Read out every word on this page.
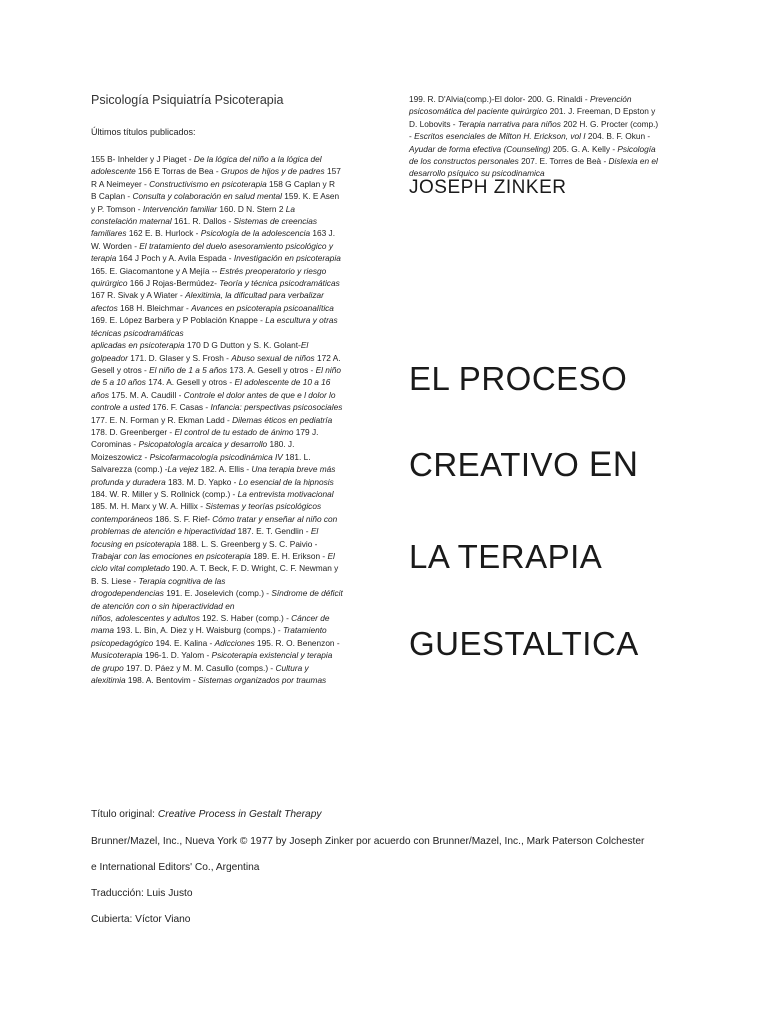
Psicología Psiquiatría Psicoterapia
Últimos títulos publicados:
155 B- Inhelder y J Piaget - De la lógica del niño a la lógica del
adolescente 156 E Torras de Bea - Grupos de hijos y de padres 157
R A Neimeyer - Constructivismo en psicoterapia 158 G Caplan y R
B Caplan - Consulta y colaboración en salud mental 159. K. E Asen
y P. Tomson - Intervención familiar 160. D N. Stern 2 La
constelación maternal 161. R. Dallos - Sistemas de creencias
familiares 162 E. B. Hurlock - Psicología de la adolescencia 163 J.
W. Worden - El tratamiento del duelo asesoramiento psicológico y
terapia 164 J Poch y A. Avila Espada - Investigación en psicoterapia
165. E. Giacomantone y A Mejía -- Estrés preoperatorio y riesgo
quirúrgico 166 J Rojas-Bermúdez- Teoría y técnica psicodramáticas
167 R. Sivak y A Wiater - Alexitimia, la dificultad para verbalizar
afectos 168 H. Bleichmar - Avances en psicoterapia psicoanalítica
169. E. López Barbera y P Población Knappe - La escultura y otras
técnicas psicodramáticas
aplicadas en psicoterapia 170 D G Dutton y S. K. Golant-El
golpeador 171. D. Glaser y S. Frosh - Abuso sexual de niños 172 A.
Gesell y otros - El niño de 1 a 5 años 173. A. Gesell y otros - El niño
de 5 a 10 años 174. A. Gesell y otros - El adolescente de 10 a 16
años 175. M. A. Caudill - Controle el dolor antes de que e l dolor lo
controle a usted 176. F. Casas - Infancia: perspectivas psicosociales
177. E. N. Forman y R. Ekman Ladd - Dilemas éticos en pediatría
178. D. Greenberger - El control de tu estado de ánimo 179 J.
Corominas - Psicopatología arcaica y desarrollo 180. J.
Moizeszowicz - Psicofarmacología psicodinámica IV 181. L.
Salvarezza (comp.) -La vejez 182. A. Ellis - Una terapia breve más
profunda y duradera 183. M. D. Yapko - Lo esencial de la hipnosis
184. W. R. Miller y S. Rollnick (comp.) - La entrevista motivacional
185. M. H. Marx y W. A. Hillix - Sistemas y teorías psicológicos
contemporáneos 186. S. F. Rief- Cómo tratar y enseñar al niño con
problemas de atención e hiperactividad 187. E. T. Gendlin - El
focusing en psicoterapia 188. L. S. Greenberg y S. C. Paivio -
Trabajar con las emociones en psicoterapia 189. E. H. Erikson - El
ciclo vital completado 190. A. T. Beck, F. D. Wright, C. F. Newman y
B. S. Liese - Terapia cognitiva de las
drogodependencias 191. E. Joselevich (comp.) - Síndrome de déficit
de atención con o sin hiperactividad en
niños, adolescentes y adultos 192. S. Haber (comp.) - Cáncer de
mama 193. L. Bin, A. Diez y H. Waisburg (comps.) - Tratamiento
psicopedagógico 194. E. Kalina - Adicciones 195. R. O. Benenzon -
Musicoterapia 196-1. D. Yalom - Psicoterapia existencial y terapia
de grupo 197. D. Páez y M. M. Casullo (comps.) - Cultura y
alexitimia 198. A. Bentovim - Sistemas organizados por traumas
199. R. D'Alvia(comp.)-El dolor- 200. G. Rinaldi - Prevención
psicosomática del paciente quirúrgico 201. J. Freeman, D Epston y
D. Lobovits - Terapia narrativa para niños 202 H. G. Procter (comp.)
- Escritos esenciales de Milton H. Erickson, vol I 204. B. F. Okun -
Ayudar de forma efectiva (Counseling) 205. G. A. Kelly - Psicología
de los constructos personales 207. E. Torres de Beà - Dislexia en el
desarrollo psíquico su psicodinamica
JOSEPH ZINKER
EL PROCESO
CREATIVO EN
LA TERAPIA
GUESTALTICA
Título original: Creative Process in Gestalt Therapy
Brunner/Mazel, Inc., Nueva York © 1977 by Joseph Zinker por acuerdo con Brunner/Mazel, Inc., Mark Paterson Colchester
e International Editors' Co., Argentina
Traducción: Luis Justo
Cubierta: Víctor Viano
